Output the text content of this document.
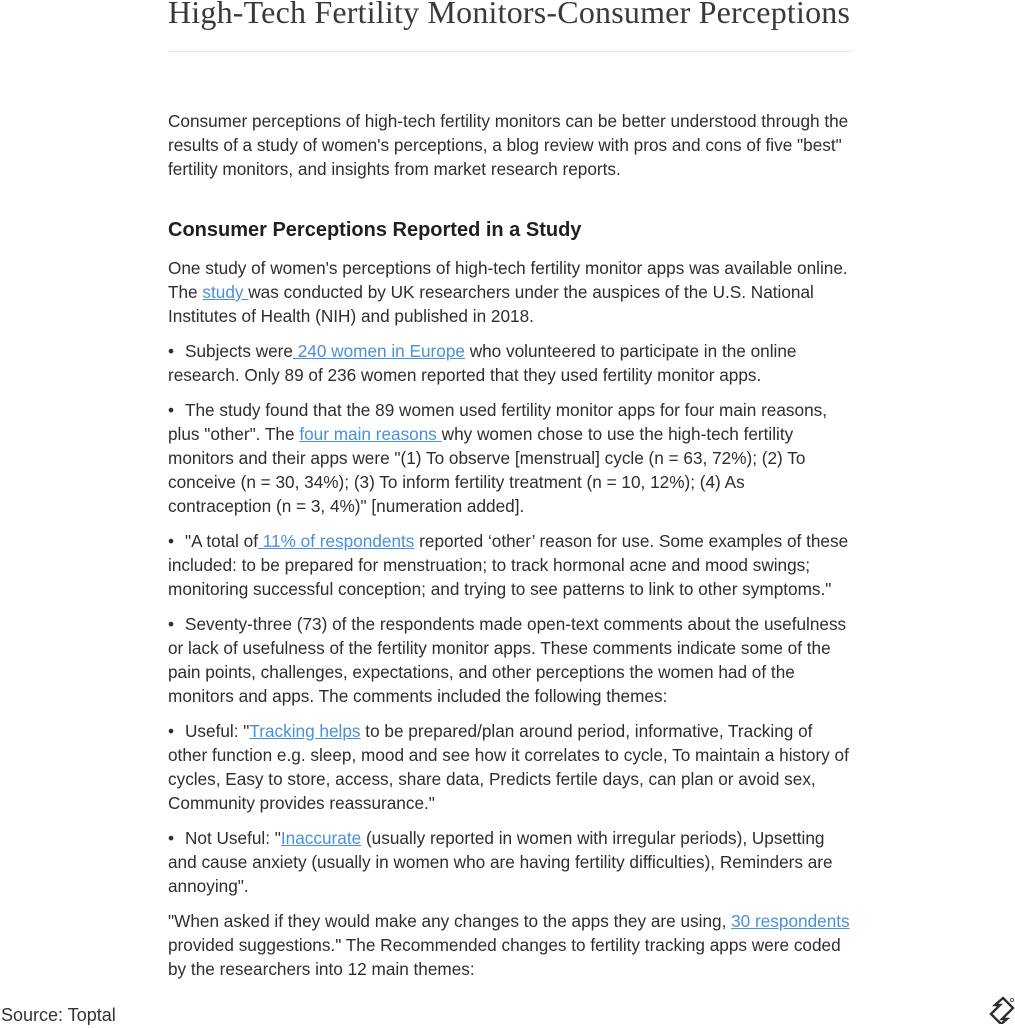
High-Tech Fertility Monitors-Consumer Perceptions

Consumer perceptions of high-tech fertility monitors can be better understood through the results of a study of women's perceptions, a blog review with pros and cons of five "best" fertility monitors, and insights from market research reports.

Consumer Perceptions Reported in a Study

One study of women's perceptions of high-tech fertility monitor apps was available online. The study was conducted by UK researchers under the auspices of the U.S. National Institutes of Health (NIH) and published in 2018.

• Subjects were 240 women in Europe who volunteered to participate in the online research. Only 89 of 236 women reported that they used fertility monitor apps.

• The study found that the 89 women used fertility monitor apps for four main reasons, plus "other". The four main reasons why women chose to use the high-tech fertility monitors and their apps were "(1) To observe [menstrual] cycle (n = 63, 72%); (2) To conceive (n = 30, 34%); (3) To inform fertility treatment (n = 10, 12%); (4) As contraception (n = 3, 4%)" [numeration added].

• "A total of 11% of respondents reported ‘other’ reason for use. Some examples of these included: to be prepared for menstruation; to track hormonal acne and mood swings; monitoring successful conception; and trying to see patterns to link to other symptoms."

• Seventy-three (73) of the respondents made open-text comments about the usefulness or lack of usefulness of the fertility monitor apps. These comments indicate some of the pain points, challenges, expectations, and other perceptions the women had of the monitors and apps. The comments included the following themes:

• Useful: "Tracking helps to be prepared/plan around period, informative, Tracking of other function e.g. sleep, mood and see how it correlates to cycle, To maintain a history of cycles, Easy to store, access, share data, Predicts fertile days, can plan or avoid sex, Community provides reassurance."

• Not Useful: "Inaccurate (usually reported in women with irregular periods), Upsetting and cause anxiety (usually in women who are having fertility difficulties), Reminders are annoying".

"When asked if they would make any changes to the apps they are using, 30 respondents provided suggestions." The Recommended changes to fertility tracking apps were coded by the researchers into 12 main themes:

Source: Toptal
